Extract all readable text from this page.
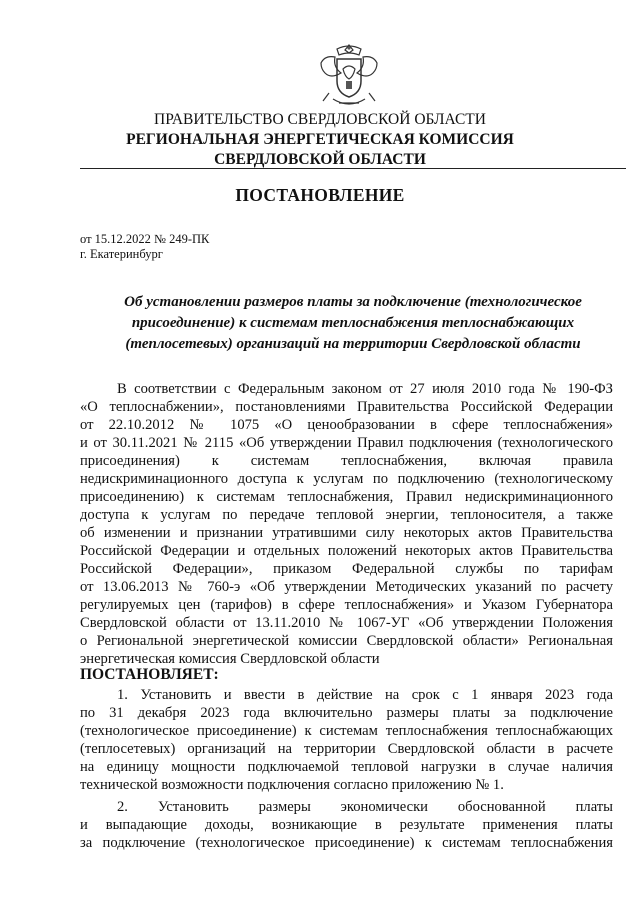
ПРАВИТЕЛЬСТВО СВЕРДЛОВСКОЙ ОБЛАСТИ
РЕГИОНАЛЬНАЯ ЭНЕРГЕТИЧЕСКАЯ КОМИССИЯ
СВЕРДЛОВСКОЙ ОБЛАСТИ
ПОСТАНОВЛЕНИЕ
от 15.12.2022 № 249-ПК
г. Екатеринбург
Об установлении размеров платы за подключение (технологическое
присоединение) к системам теплоснабжения теплоснабжающих
(теплосетевых) организаций на территории Свердловской области
В соответствии с Федеральным законом от 27 июля 2010 года № 190-ФЗ
«О теплоснабжении», постановлениями Правительства Российской Федерации
от 22.10.2012 № 1075 «О ценообразовании в сфере теплоснабжения»
и от 30.11.2021 № 2115 «Об утверждении Правил подключения (технологического
присоединения) к системам теплоснабжения, включая правила
недискриминационного доступа к услугам по подключению (технологическому
присоединению) к системам теплоснабжения, Правил недискриминационного
доступа к услугам по передаче тепловой энергии, теплоносителя, а также
об изменении и признании утратившими силу некоторых актов Правительства
Российской Федерации и отдельных положений некоторых актов Правительства
Российской Федерации», приказом Федеральной службы по тарифам
от 13.06.2013 № 760-э «Об утверждении Методических указаний по расчету
регулируемых цен (тарифов) в сфере теплоснабжения» и Указом Губернатора
Свердловской области от 13.11.2010 № 1067-УГ «Об утверждении Положения
о Региональной энергетической комиссии Свердловской области» Региональная
энергетическая комиссия Свердловской области
ПОСТАНОВЛЯЕТ:
1. Установить и ввести в действие на срок с 1 января 2023 года
по 31 декабря 2023 года включительно размеры платы за подключение
(технологическое присоединение) к системам теплоснабжения теплоснабжающих
(теплосетевых) организаций на территории Свердловской области в расчете
на единицу мощности подключаемой тепловой нагрузки в случае наличия
технической возможности подключения согласно приложению № 1.
2. Установить размеры экономически обоснованной платы
и выпадающие доходы, возникающие в результате применения платы
за подключение (технологическое присоединение) к системам теплоснабжения
